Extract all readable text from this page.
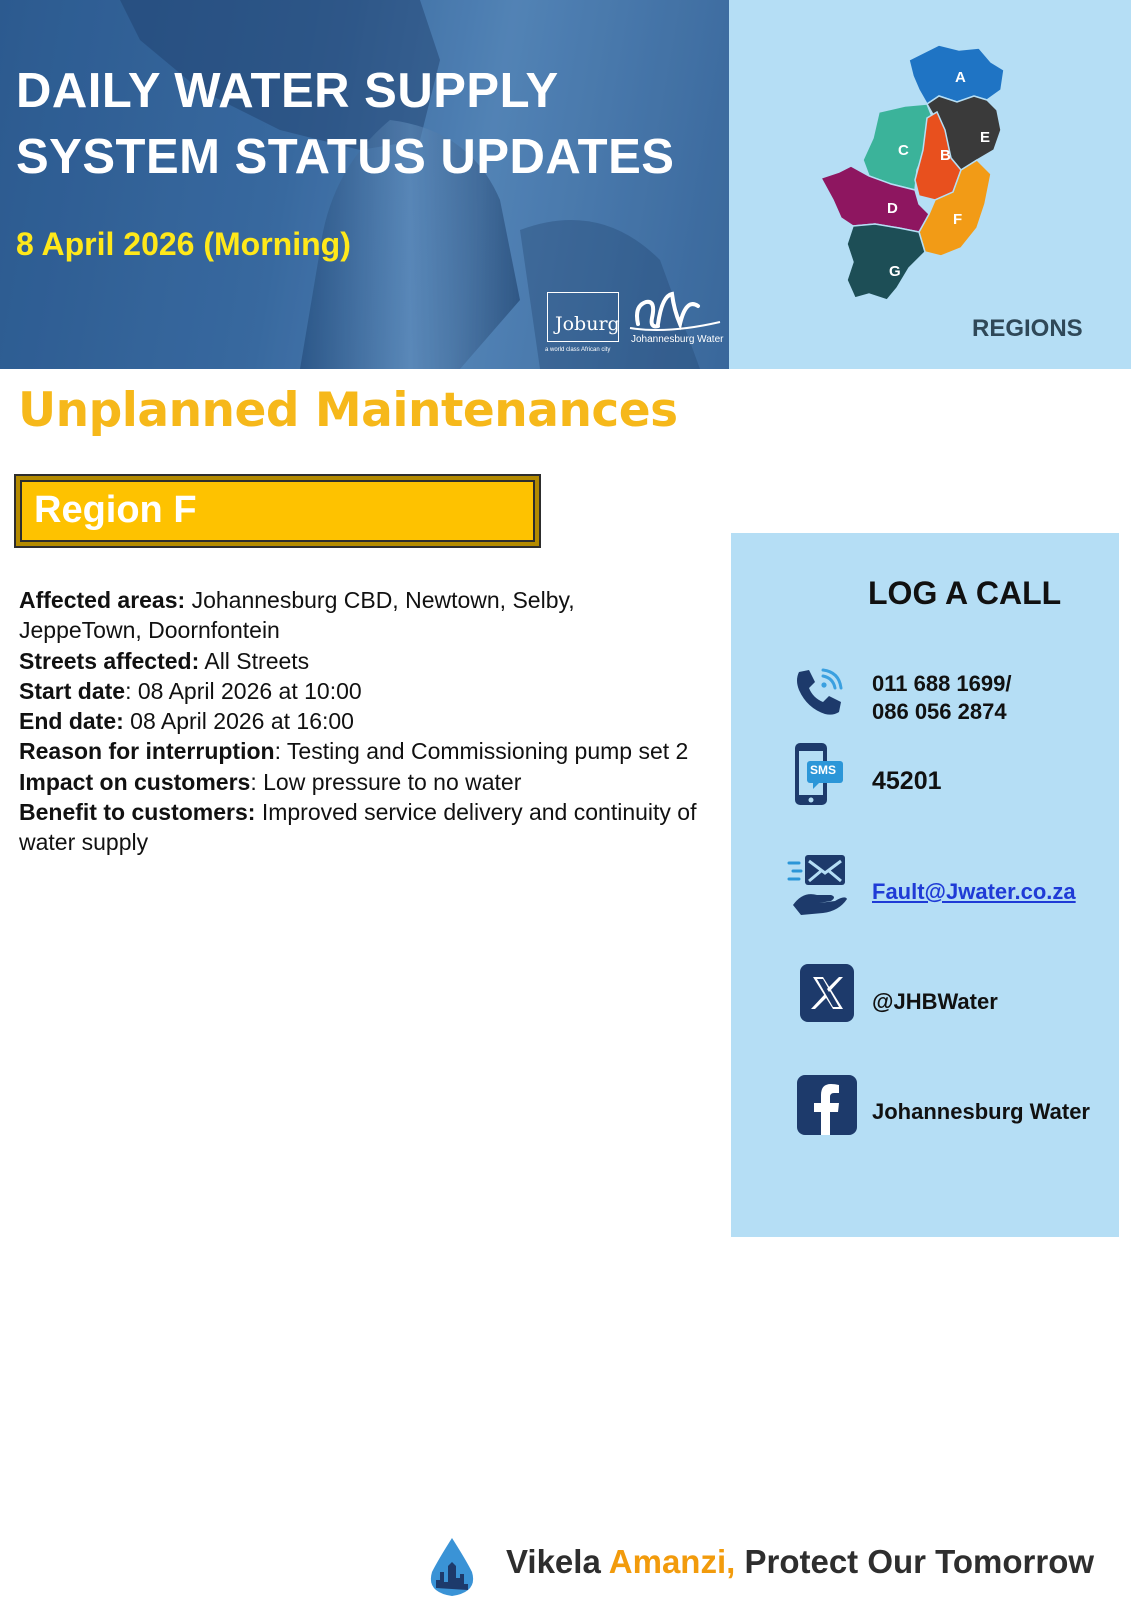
DAILY WATER SUPPLY
SYSTEM STATUS UPDATES
8 April 2026 (Morning)
Joburg
a world class African city
Johannesburg Water
A
B
C
D
E
F
G
REGIONS
Unplanned Maintenances
Region F

Affected areas: Johannesburg CBD, Newtown, Selby, JeppeTown, Doornfontein

Streets affected: All Streets

Start date: 08 April 2026 at 10:00

End date: 08 April 2026 at 16:00

Reason for interruption: Testing and Commissioning pump set 2

Impact on customers: Low pressure to no water

Benefit to customers: Improved service delivery and continuity of water supply

LOG A CALL
011 688 1699/
086 056 2874
SMS 45201
Fault@Jwater.co.za
@JHBWater
Johannesburg Water
Vikela Amanzi, Protect Our Tomorrow
